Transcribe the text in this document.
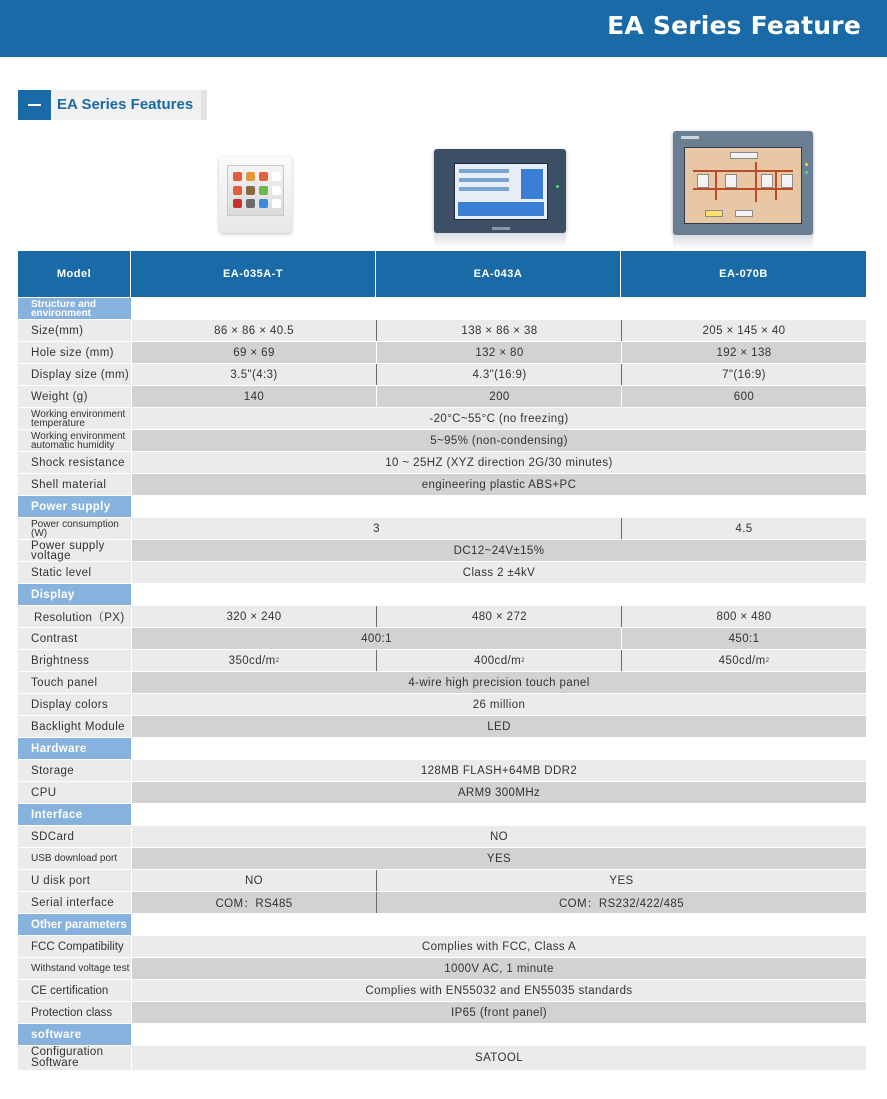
EA Series Feature
EA Series Features
Model	EA-035A-T	EA-043A	EA-070B
Structure and environment
Size(mm)	86 × 86 × 40.5	138 × 86 × 38	205 × 145 × 40
Hole size (mm)	69 × 69	132 × 80	192 × 138
Display size (mm)	3.5"(4:3)	4.3"(16:9)	7"(16:9)
Weight (g)	140	200	600
Working environment temperature	-20°C~55°C (no freezing)
Working environment automatic humidity	5~95% (non-condensing)
Shock resistance	10 ~ 25HZ (XYZ direction 2G/30 minutes)
Shell material	engineering plastic ABS+PC
Power supply
Power consumption (W)	3	4.5
Power supply voltage	DC12~24V±15%
Static level	Class 2 ±4kV
Display
Resolution（PX)	320 × 240	480 × 272	800 × 480
Contrast	400:1	450:1
Brightness	350cd/m 2	400cd/m 2	450cd/m 2
Touch panel	4-wire high precision touch panel
Display colors	26 million
Backlight Module	LED
Hardware
Storage	128MB FLASH+64MB DDR2
CPU	ARM9 300MHz
Interface
SDCard	NO
USB download port	YES
U disk port	NO	YES
Serial interface	COM：RS485	COM：RS232/422/485
Other parameters
FCC Compatibility	Complies with FCC, Class A
Withstand voltage test	1000V AC, 1 minute
CE certification	Complies with EN55032 and EN55035 standards
Protection class	IP65 (front panel)
software
Configuration Software	SATOOL
